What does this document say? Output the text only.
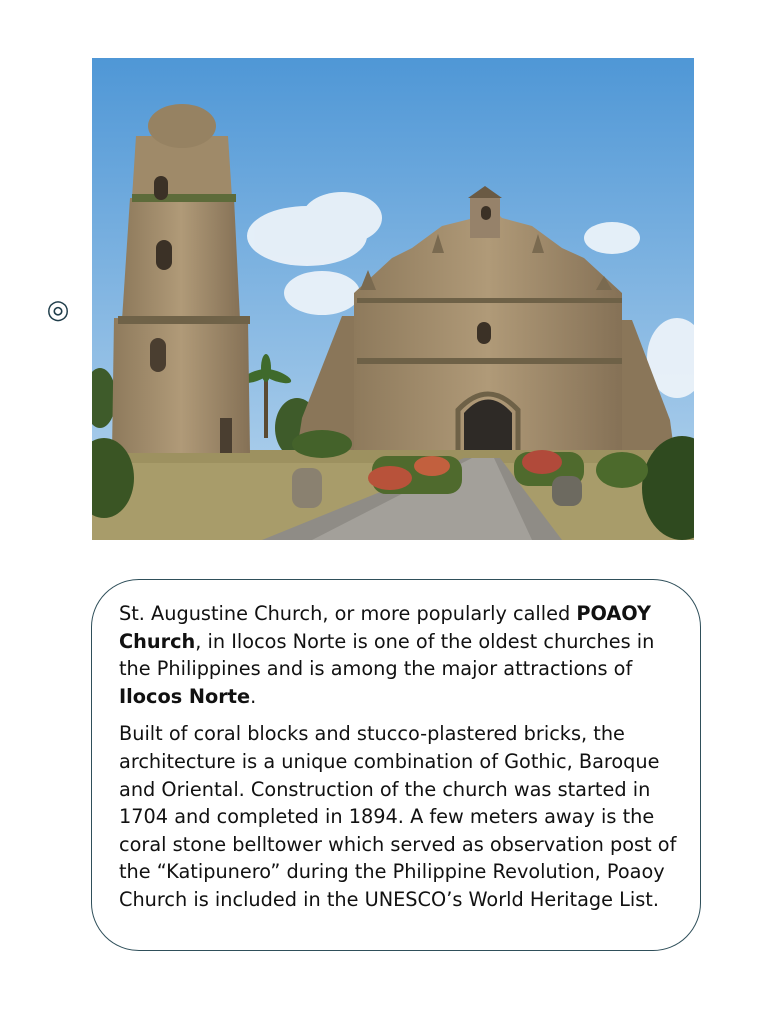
◎

St. Augustine Church, or more popularly called POAOY Church, in Ilocos Norte is one of the oldest churches in the Philippines and is among the major attractions of Ilocos Norte.

Built of coral blocks and stucco-plastered bricks, the architecture is a unique combination of Gothic, Baroque and Oriental. Construction of the church was started in 1704 and completed in 1894. A few meters away is the coral stone belltower which served as observation post of the “Katipunero” during the Philippine Revolution, Poaoy Church is included in the UNESCO’s World Heritage List.
